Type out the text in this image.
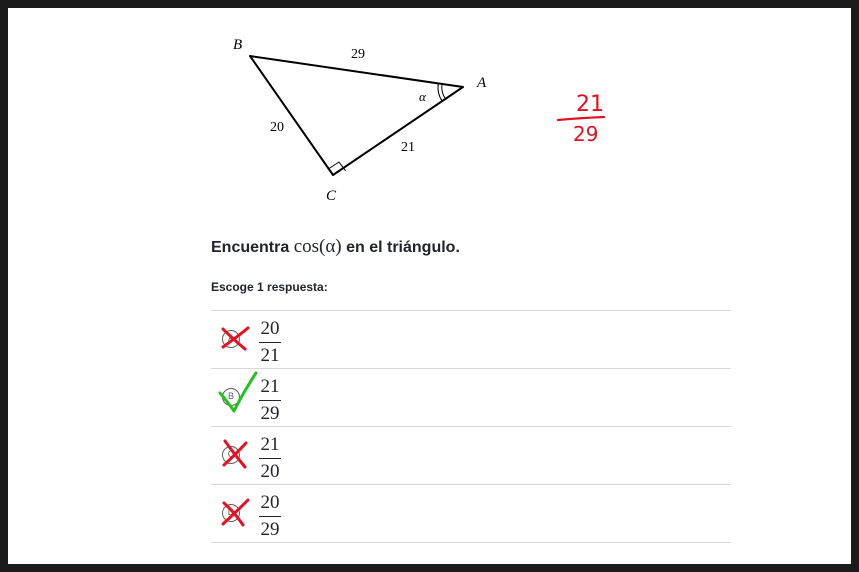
B
A
C
29
20
21
α	21
29
Encuentra cos(α) en el triángulo.
Escoge 1 respuesta:
A	20
21
B	21
29
C	21
20
D	20
29
